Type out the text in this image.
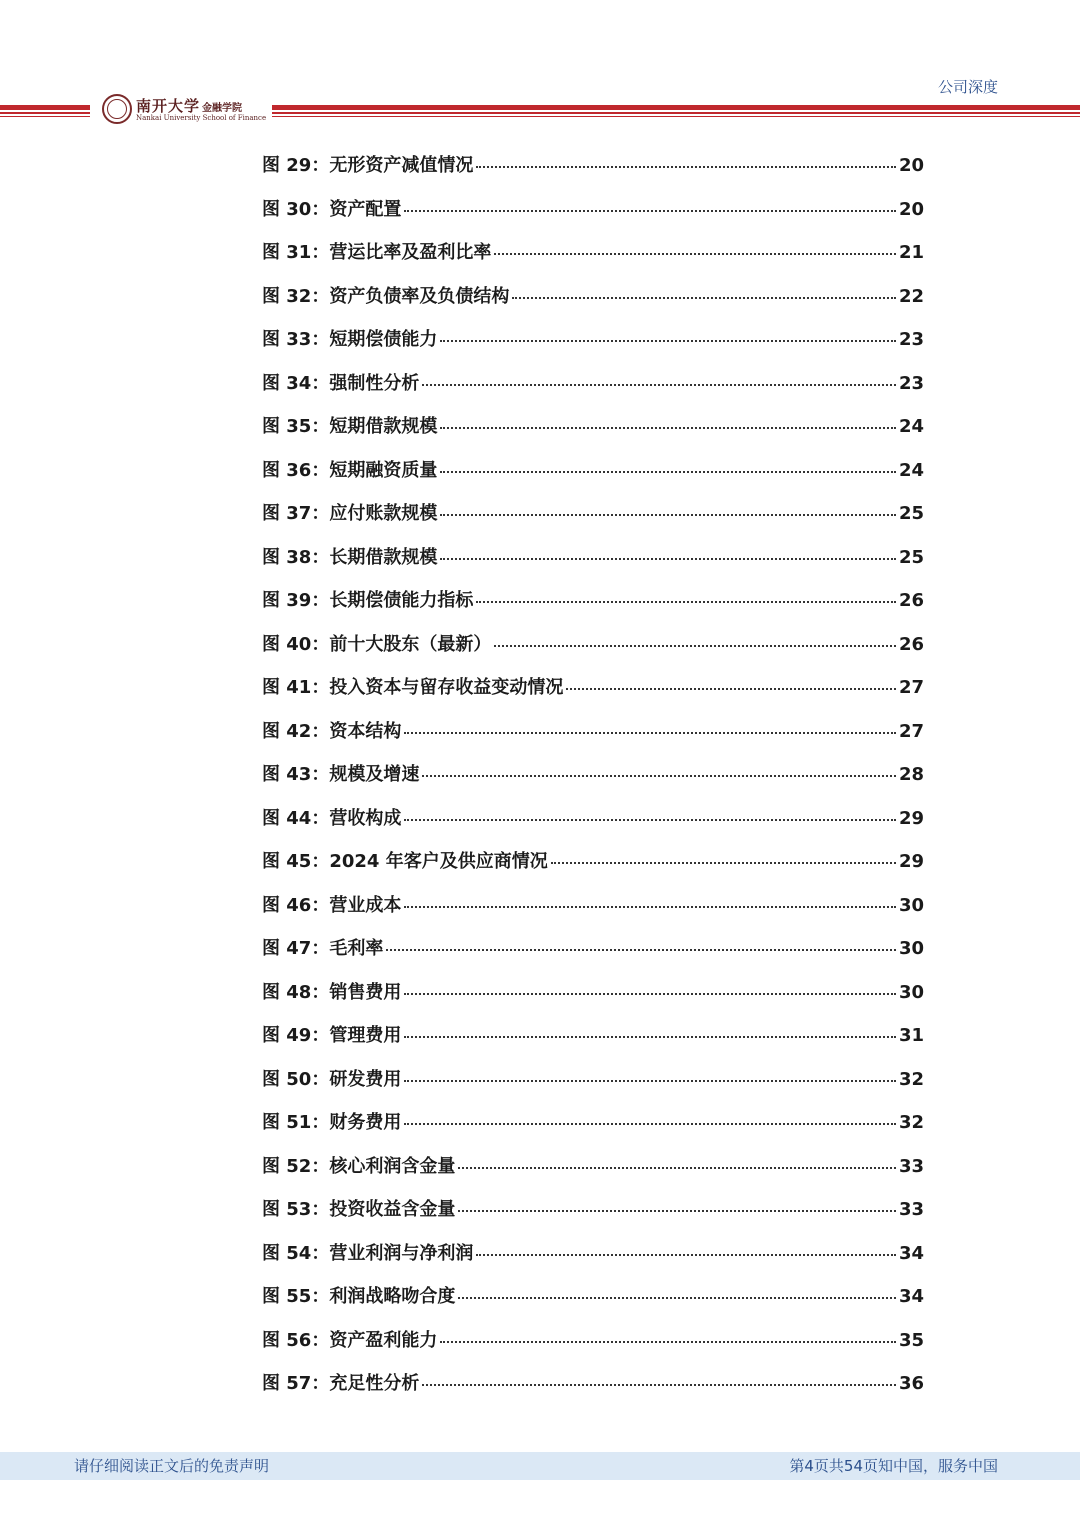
公司深度
南开大学 金融学院
Nankai University School of Finance
图 29： 无形资产减值情况	20
图 30： 资产配置	20
图 31： 营运比率及盈利比率	21
图 32： 资产负债率及负债结构	22
图 33： 短期偿债能力	23
图 34： 强制性分析	23
图 35： 短期借款规模	24
图 36： 短期融资质量	24
图 37： 应付账款规模	25
图 38： 长期借款规模	25
图 39： 长期偿债能力指标	26
图 40： 前十大股东（最新）	26
图 41： 投入资本与留存收益变动情况	27
图 42： 资本结构	27
图 43： 规模及增速	28
图 44： 营收构成	29
图 45： 2024 年客户及供应商情况	29
图 46： 营业成本	30
图 47： 毛利率	30
图 48： 销售费用	30
图 49： 管理费用	31
图 50： 研发费用	32
图 51： 财务费用	32
图 52： 核心利润含金量	33
图 53： 投资收益含金量	33
图 54： 营业利润与净利润	34
图 55： 利润战略吻合度	34
图 56： 资产盈利能力	35
图 57： 充足性分析	36
请仔细阅读正文后的免责声明	第4页共54页知中国，服务中国
